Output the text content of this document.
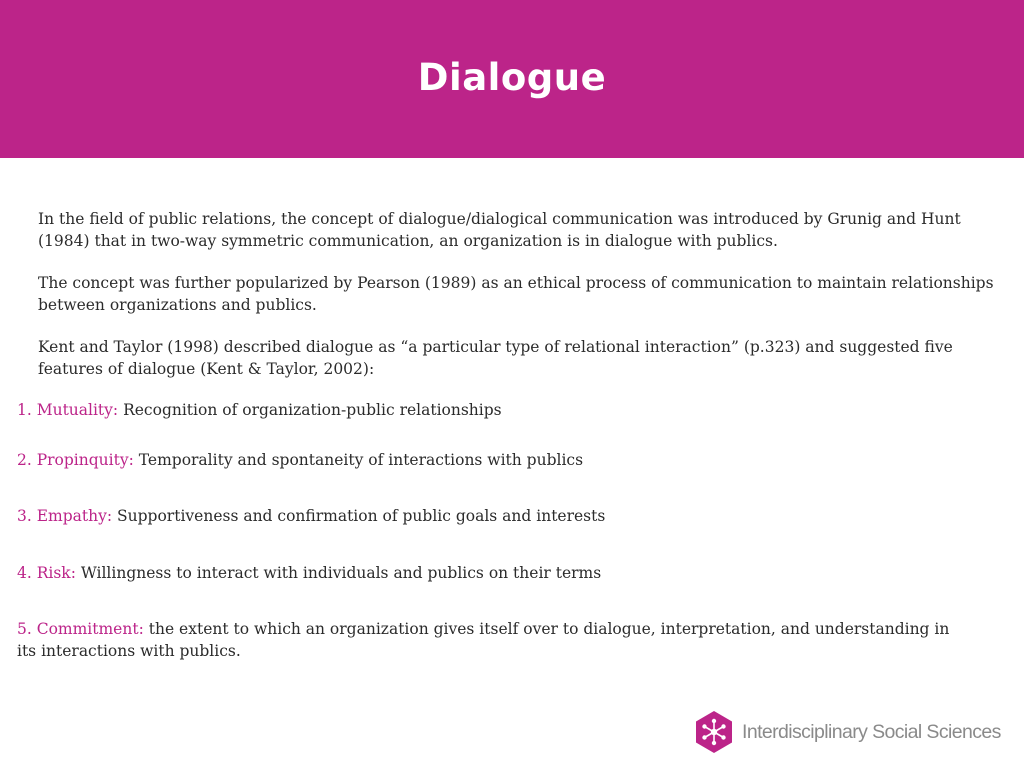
Dialogue

In the field of public relations, the concept of dialogue/dialogical communication was introduced by Grunig and Hunt (1984) that in two-way symmetric communication, an organization is in dialogue with publics.

The concept was further popularized by Pearson (1989) as an ethical process of communication to maintain relationships between organizations and publics.

Kent and Taylor (1998) described dialogue as “a particular type of relational interaction” (p.323) and suggested five features of dialogue (Kent & Taylor, 2002):

1. Mutuality: Recognition of organization-public relationships
2. Propinquity: Temporality and spontaneity of interactions with publics
3. Empathy: Supportiveness and confirmation of public goals and interests
4. Risk: Willingness to interact with individuals and publics on their terms
5. Commitment: the extent to which an organization gives itself over to dialogue, interpretation, and understanding in its interactions with publics.
Interdisciplinary Social Sciences
